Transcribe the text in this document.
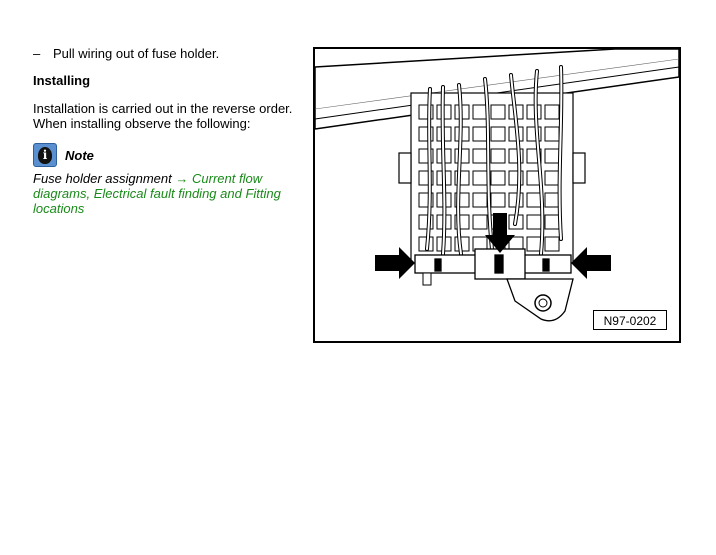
– Pull wiring out of fuse holder.
Installing
Installation is carried out in the reverse order.
When installing observe the following:
i	Note
Fuse holder assignment → Current flow diagrams, Electrical fault finding and Fitting locations
N97-0202
